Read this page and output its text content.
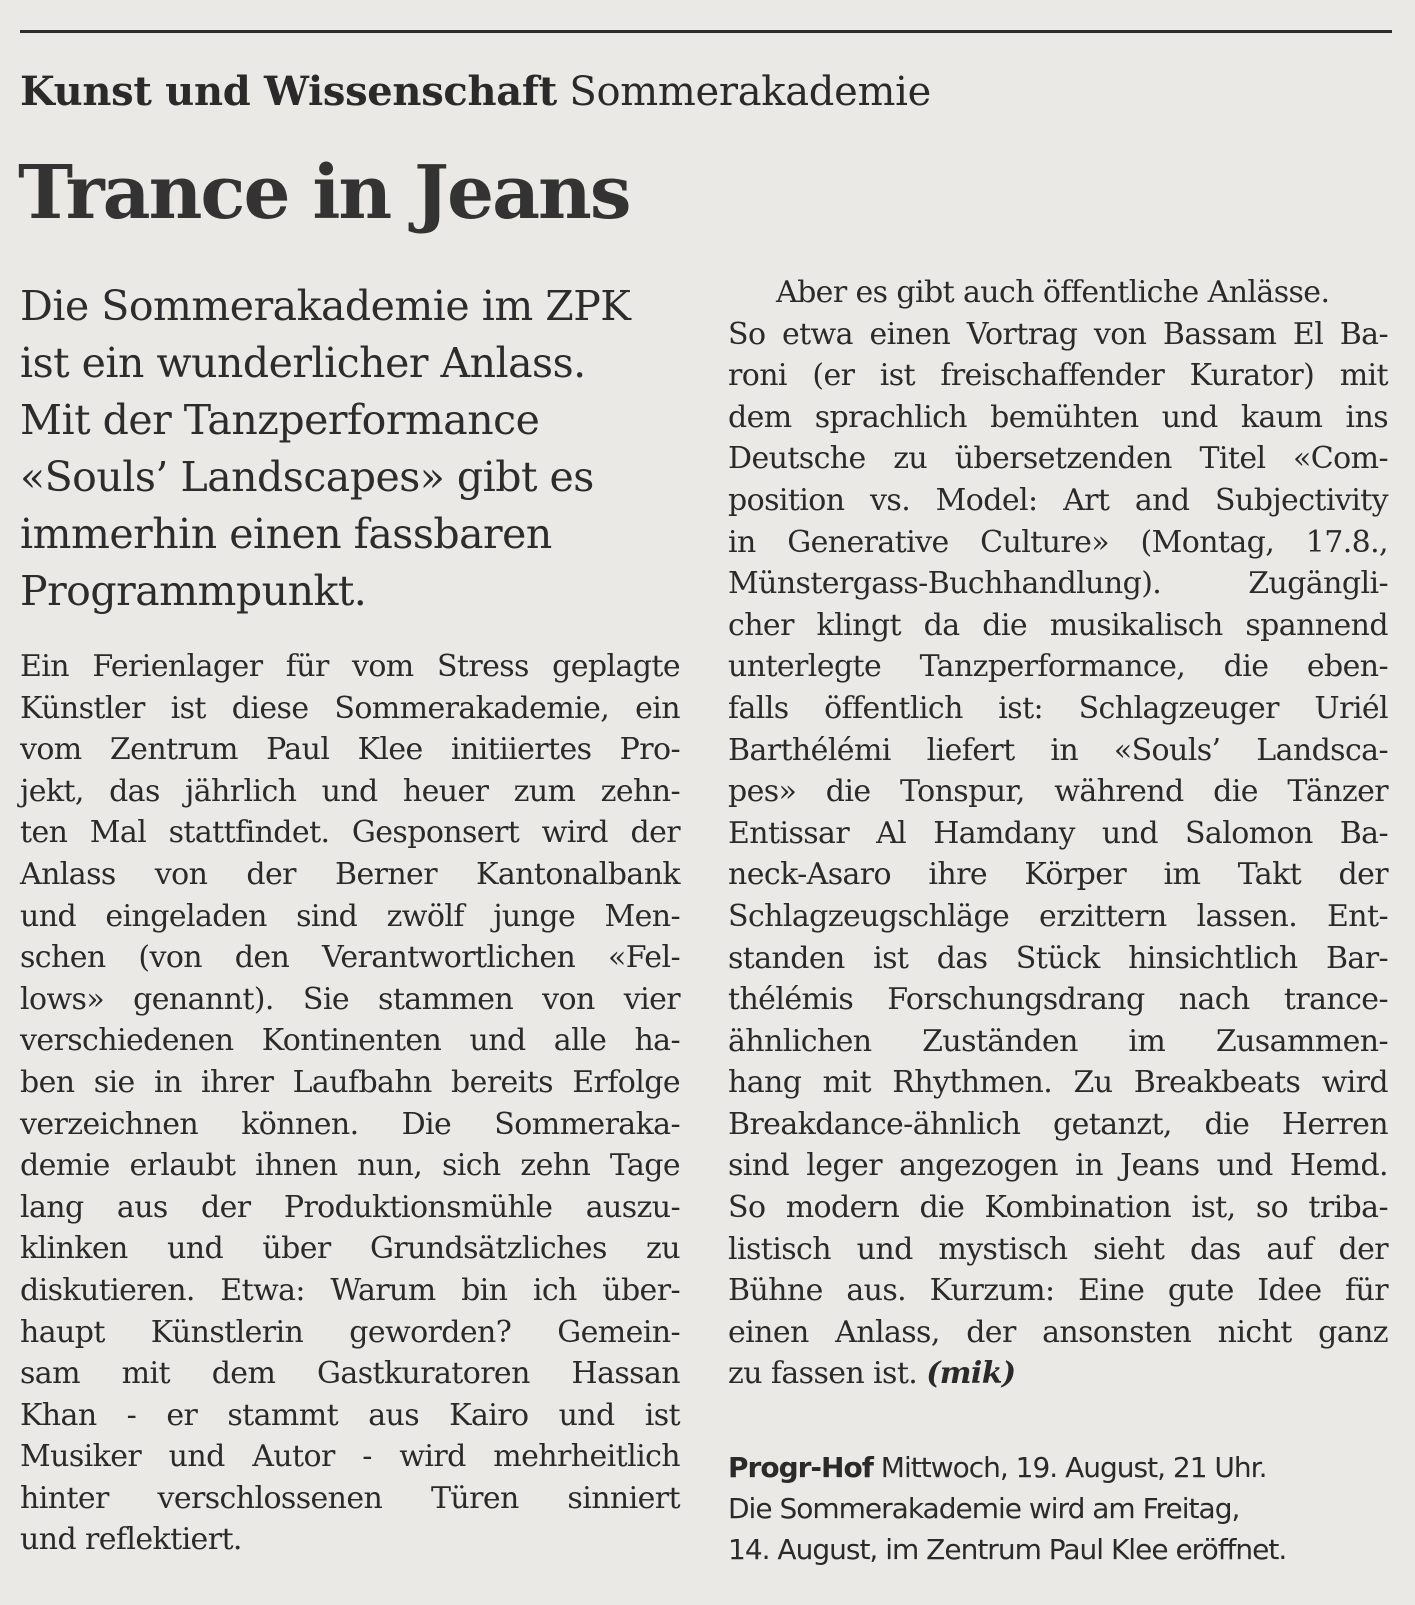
Kunst und Wissenschaft Sommerakademie
Trance in Jeans
Die Sommerakademie im ZPK
ist ein wunderlicher Anlass.
Mit der Tanzperformance
«Souls’ Landscapes» gibt es
immerhin einen fassbaren
Programmpunkt.
Ein Ferienlager für vom Stress geplagte
Künstler ist diese Sommerakademie, ein
vom Zentrum Paul Klee initiiertes Pro-
jekt, das jährlich und heuer zum zehn-
ten Mal stattfindet. Gesponsert wird der
Anlass von der Berner Kantonalbank
und eingeladen sind zwölf junge Men-
schen (von den Verantwortlichen «Fel-
lows» genannt). Sie stammen von vier
verschiedenen Kontinenten und alle ha-
ben sie in ihrer Laufbahn bereits Erfolge
verzeichnen können. Die Sommeraka-
demie erlaubt ihnen nun, sich zehn Tage
lang aus der Produktionsmühle auszu-
klinken und über Grundsätzliches zu
diskutieren. Etwa: Warum bin ich über-
haupt Künstlerin geworden? Gemein-
sam mit dem Gastkuratoren Hassan
Khan - er stammt aus Kairo und ist
Musiker und Autor - wird mehrheitlich
hinter verschlossenen Türen sinniert
und reflektiert.
Aber es gibt auch öffentliche Anlässe.
So etwa einen Vortrag von Bassam El Ba-
roni (er ist freischaffender Kurator) mit
dem sprachlich bemühten und kaum ins
Deutsche zu übersetzenden Titel «Com-
position vs. Model: Art and Subjectivity
in Generative Culture» (Montag, 17.8.,
Münstergass-Buchhandlung). Zugängli-
cher klingt da die musikalisch spannend
unterlegte Tanzperformance, die eben-
falls öffentlich ist: Schlagzeuger Uriél
Barthélémi liefert in «Souls’ Landsca-
pes» die Tonspur, während die Tänzer
Entissar Al Hamdany und Salomon Ba-
neck-Asaro ihre Körper im Takt der
Schlagzeugschläge erzittern lassen. Ent-
standen ist das Stück hinsichtlich Bar-
thélémis Forschungsdrang nach trance-
ähnlichen Zuständen im Zusammen-
hang mit Rhythmen. Zu Breakbeats wird
Breakdance-ähnlich getanzt, die Herren
sind leger angezogen in Jeans und Hemd.
So modern die Kombination ist, so triba-
listisch und mystisch sieht das auf der
Bühne aus. Kurzum: Eine gute Idee für
einen Anlass, der ansonsten nicht ganz
zu fassen ist. (mik)
Progr-Hof Mittwoch, 19. August, 21 Uhr.
Die Sommerakademie wird am Freitag,
14. August, im Zentrum Paul Klee eröffnet.
